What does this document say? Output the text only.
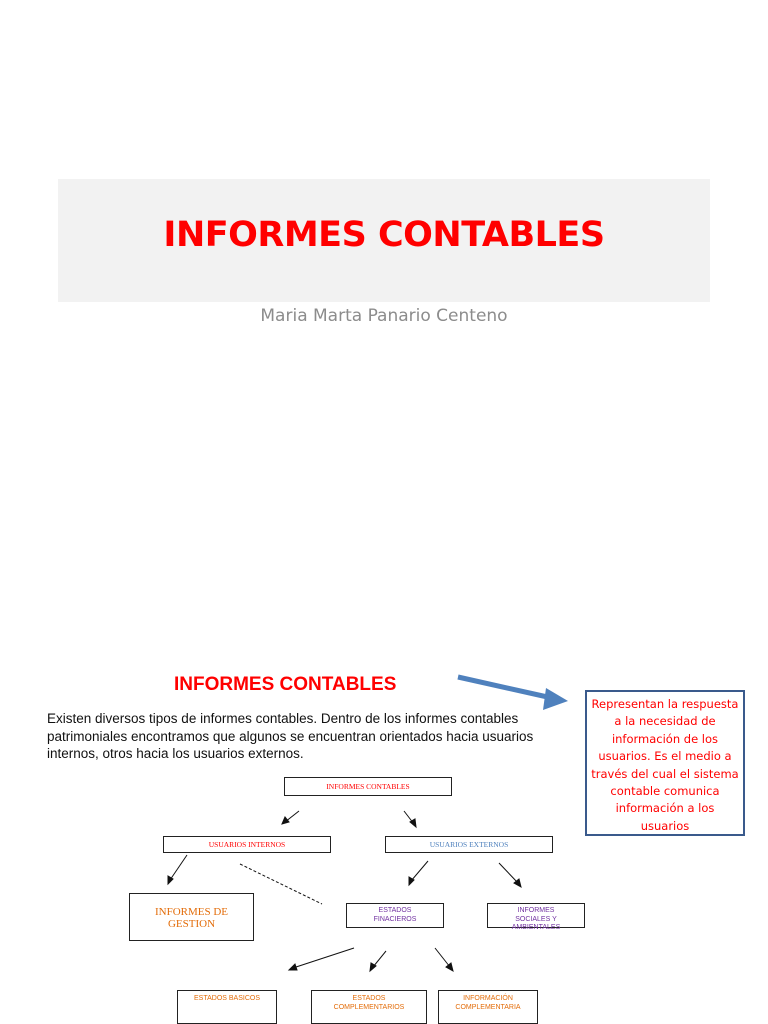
INFORMES CONTABLES
Maria Marta Panario Centeno
INFORMES CONTABLES
Existen diversos tipos de informes contables. Dentro de los informes contables patrimoniales encontramos que algunos se encuentran orientados hacia usuarios internos, otros hacia los usuarios externos.
Representan la respuesta a la necesidad de información de los usuarios. Es el medio a través del cual el sistema contable comunica información a los usuarios
INFORMES CONTABLES
USUARIOS INTERNOS	USUARIOS EXTERNOS
INFORMES DE GESTION
ESTADOS FINACIEROS
INFORMES SOCIALES Y AMBIENTALES
ESTADOS BASICOS	ESTADOS COMPLEMENTARIOS
INFORMACIÓN COMPLEMENTARIA
